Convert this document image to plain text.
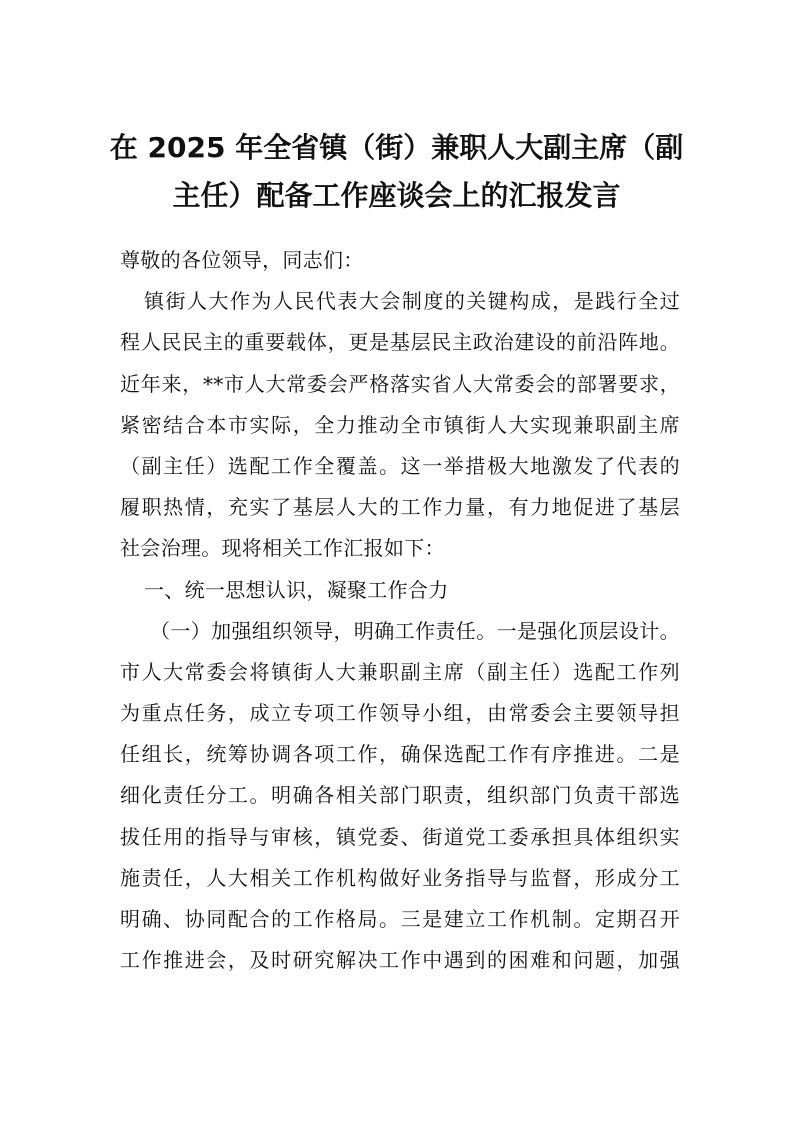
在 2025 年全省镇（街）兼职人大副主席（副
主任）配备工作座谈会上的汇报发言
尊敬的各位领导，同志们：
镇街人大作为人民代表大会制度的关键构成，是践行全过
程人民民主的重要载体，更是基层民主政治建设的前沿阵地。
近年来，**市人大常委会严格落实省人大常委会的部署要求，
紧密结合本市实际，全力推动全市镇街人大实现兼职副主席
（副主任）选配工作全覆盖。这一举措极大地激发了代表的
履职热情，充实了基层人大的工作力量，有力地促进了基层
社会治理。现将相关工作汇报如下：
一、统一思想认识，凝聚工作合力
（一）加强组织领导，明确工作责任。一是强化顶层设计。
市人大常委会将镇街人大兼职副主席（副主任）选配工作列
为重点任务，成立专项工作领导小组，由常委会主要领导担
任组长，统筹协调各项工作，确保选配工作有序推进。二是
细化责任分工。明确各相关部门职责，组织部门负责干部选
拔任用的指导与审核，镇党委、街道党工委承担具体组织实
施责任，人大相关工作机构做好业务指导与监督，形成分工
明确、协同配合的工作格局。三是建立工作机制。定期召开
工作推进会，及时研究解决工作中遇到的困难和问题，加强
